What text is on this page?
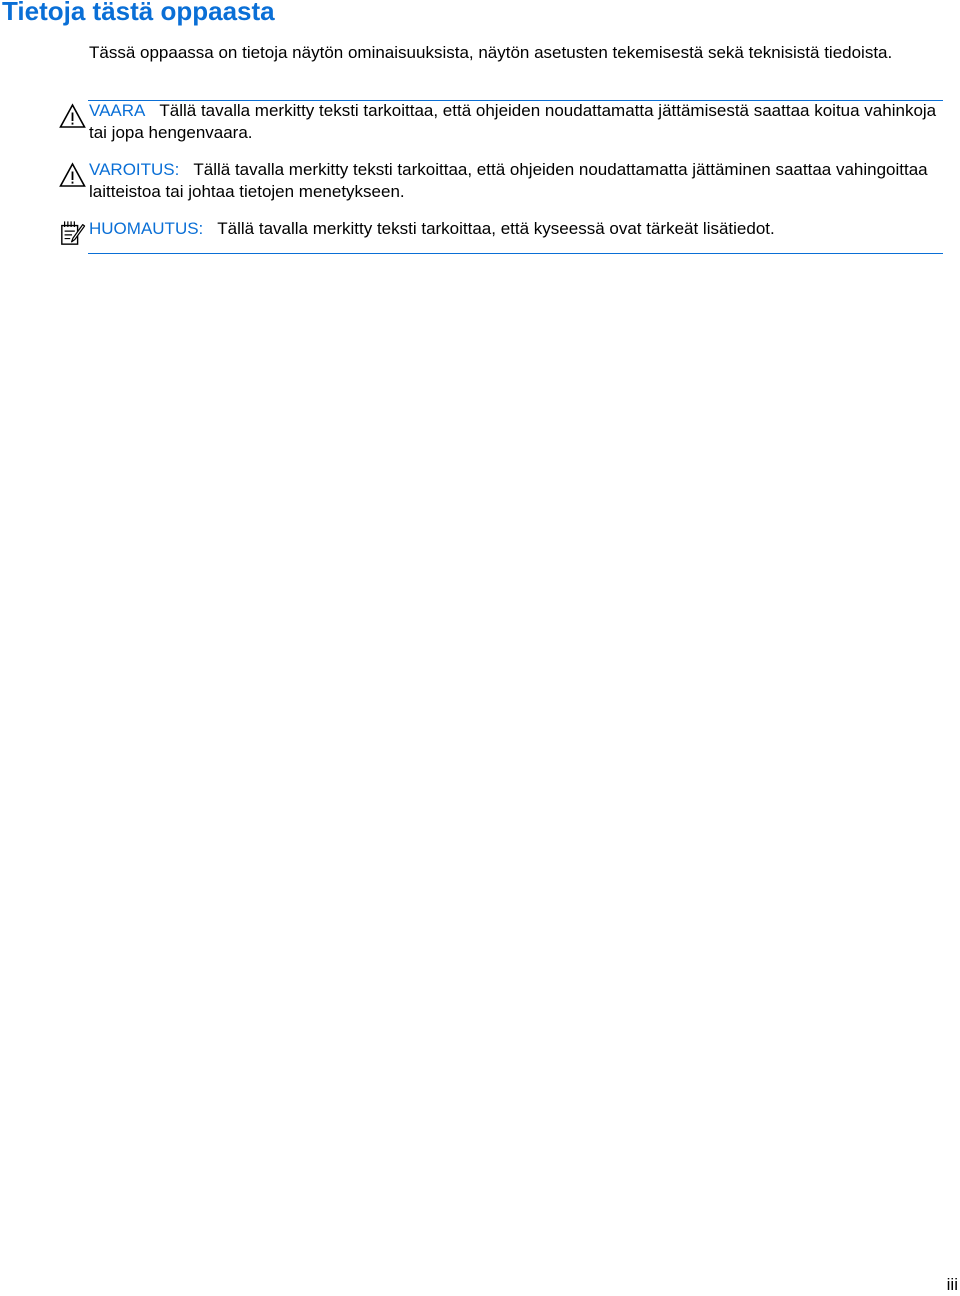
Tietoja tästä oppaasta

Tässä oppaassa on tietoja näytön ominaisuuksista, näytön asetusten tekemisestä sekä teknisistä tiedoista.

VAARA Tällä tavalla merkitty teksti tarkoittaa, että ohjeiden noudattamatta jättämisestä saattaa koitua vahinkoja tai jopa hengenvaara.

VAROITUS: Tällä tavalla merkitty teksti tarkoittaa, että ohjeiden noudattamatta jättäminen saattaa vahingoittaa laitteistoa tai johtaa tietojen menetykseen.

HUOMAUTUS: Tällä tavalla merkitty teksti tarkoittaa, että kyseessä ovat tärkeät lisätiedot.

iii
